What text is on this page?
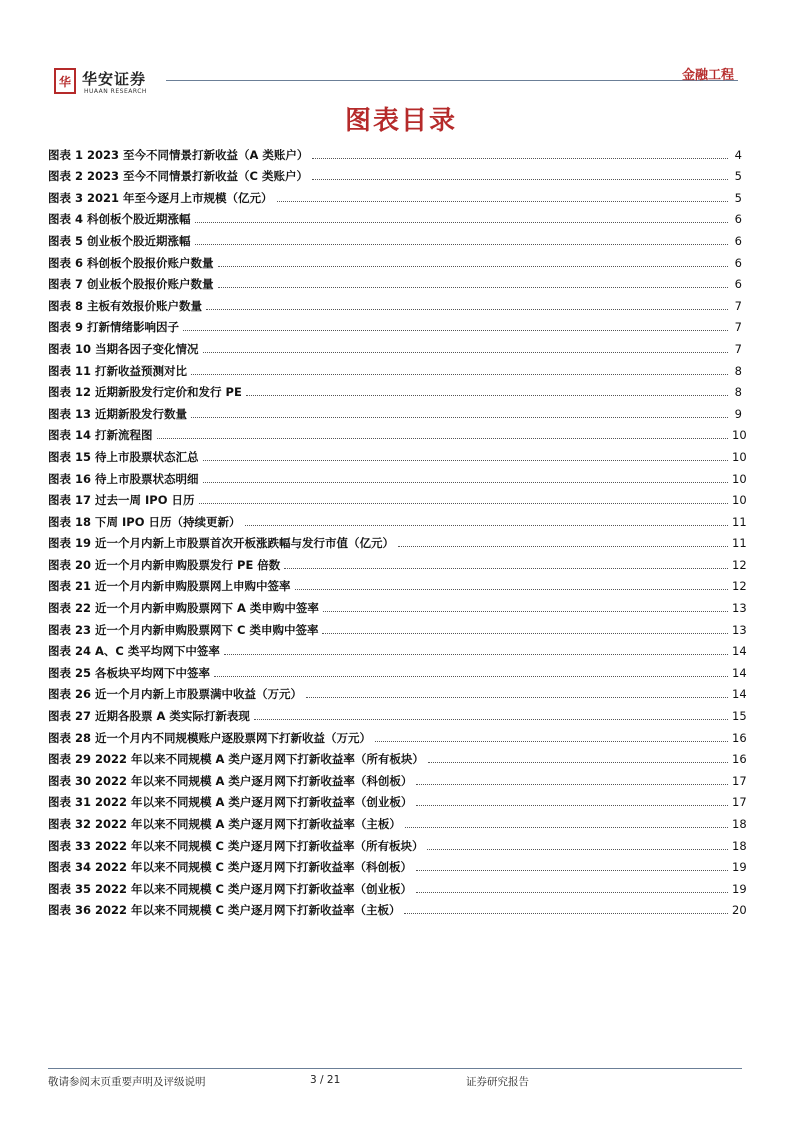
华 华安证券
HUAAN RESEARCH
金融工程
图表目录
图表 1 2023 至今不同情景打新收益（A 类账户）	4
图表 2 2023 至今不同情景打新收益（C 类账户）	5
图表 3 2021 年至今逐月上市规模（亿元）	5
图表 4 科创板个股近期涨幅	6
图表 5 创业板个股近期涨幅	6
图表 6 科创板个股报价账户数量	6
图表 7 创业板个股报价账户数量	6
图表 8 主板有效报价账户数量	7
图表 9 打新情绪影响因子	7
图表 10 当期各因子变化情况	7
图表 11 打新收益预测对比	8
图表 12 近期新股发行定价和发行 PE	8
图表 13 近期新股发行数量	9
图表 14 打新流程图	10
图表 15 待上市股票状态汇总	10
图表 16 待上市股票状态明细	10
图表 17 过去一周 IPO 日历	10
图表 18 下周 IPO 日历（持续更新）	11
图表 19 近一个月内新上市股票首次开板涨跌幅与发行市值（亿元）	11
图表 20 近一个月内新申购股票发行 PE 倍数	12
图表 21 近一个月内新申购股票网上申购中签率	12
图表 22 近一个月内新申购股票网下 A 类申购中签率	13
图表 23 近一个月内新申购股票网下 C 类申购中签率	13
图表 24 A、C 类平均网下中签率	14
图表 25 各板块平均网下中签率	14
图表 26 近一个月内新上市股票满中收益（万元）	14
图表 27 近期各股票 A 类实际打新表现	15
图表 28 近一个月内不同规模账户逐股票网下打新收益（万元）	16
图表 29 2022 年以来不同规模 A 类户逐月网下打新收益率（所有板块）	16
图表 30 2022 年以来不同规模 A 类户逐月网下打新收益率（科创板）	17
图表 31 2022 年以来不同规模 A 类户逐月网下打新收益率（创业板）	17
图表 32 2022 年以来不同规模 A 类户逐月网下打新收益率（主板）	18
图表 33 2022 年以来不同规模 C 类户逐月网下打新收益率（所有板块）	18
图表 34 2022 年以来不同规模 C 类户逐月网下打新收益率（科创板）	19
图表 35 2022 年以来不同规模 C 类户逐月网下打新收益率（创业板）	19
图表 36 2022 年以来不同规模 C 类户逐月网下打新收益率（主板）	20
敬请参阅末页重要声明及评级说明	3 / 21	证券研究报告
